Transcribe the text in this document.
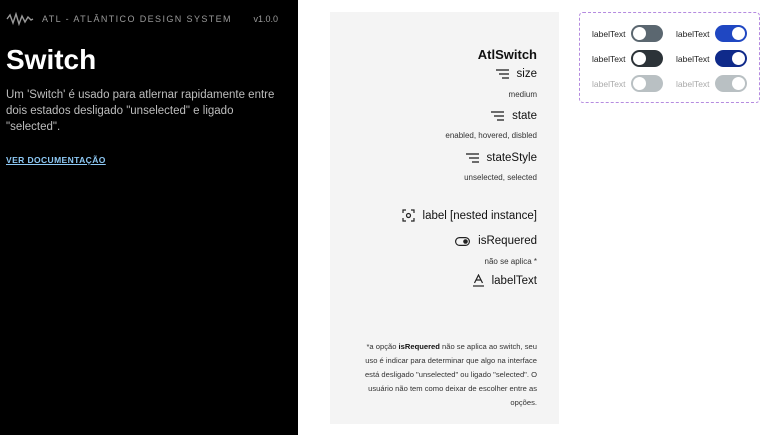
ATL - ATLÂNTICO DESIGN SYSTEM v1.0.0
Switch

Um 'Switch' é usado para atlernar rapidamente entre dois estados desligado "unselected" e ligado "selected".

VER DOCUMENTAÇÃO
AtlSwitch
size
medium
state
enabled, hovered, disbled
stateStyle
unselected, selected
label [nested instance]
isRequered
não se aplica *
labelText

*a opção isRequered não se aplica ao switch, seu uso é indicar para determinar que algo na interface está desligado "unselected" ou ligado "selected". O usuário não tem como deixar de escolher entre as opções.

labelText	labelText
labelText	labelText
labelText	labelText
